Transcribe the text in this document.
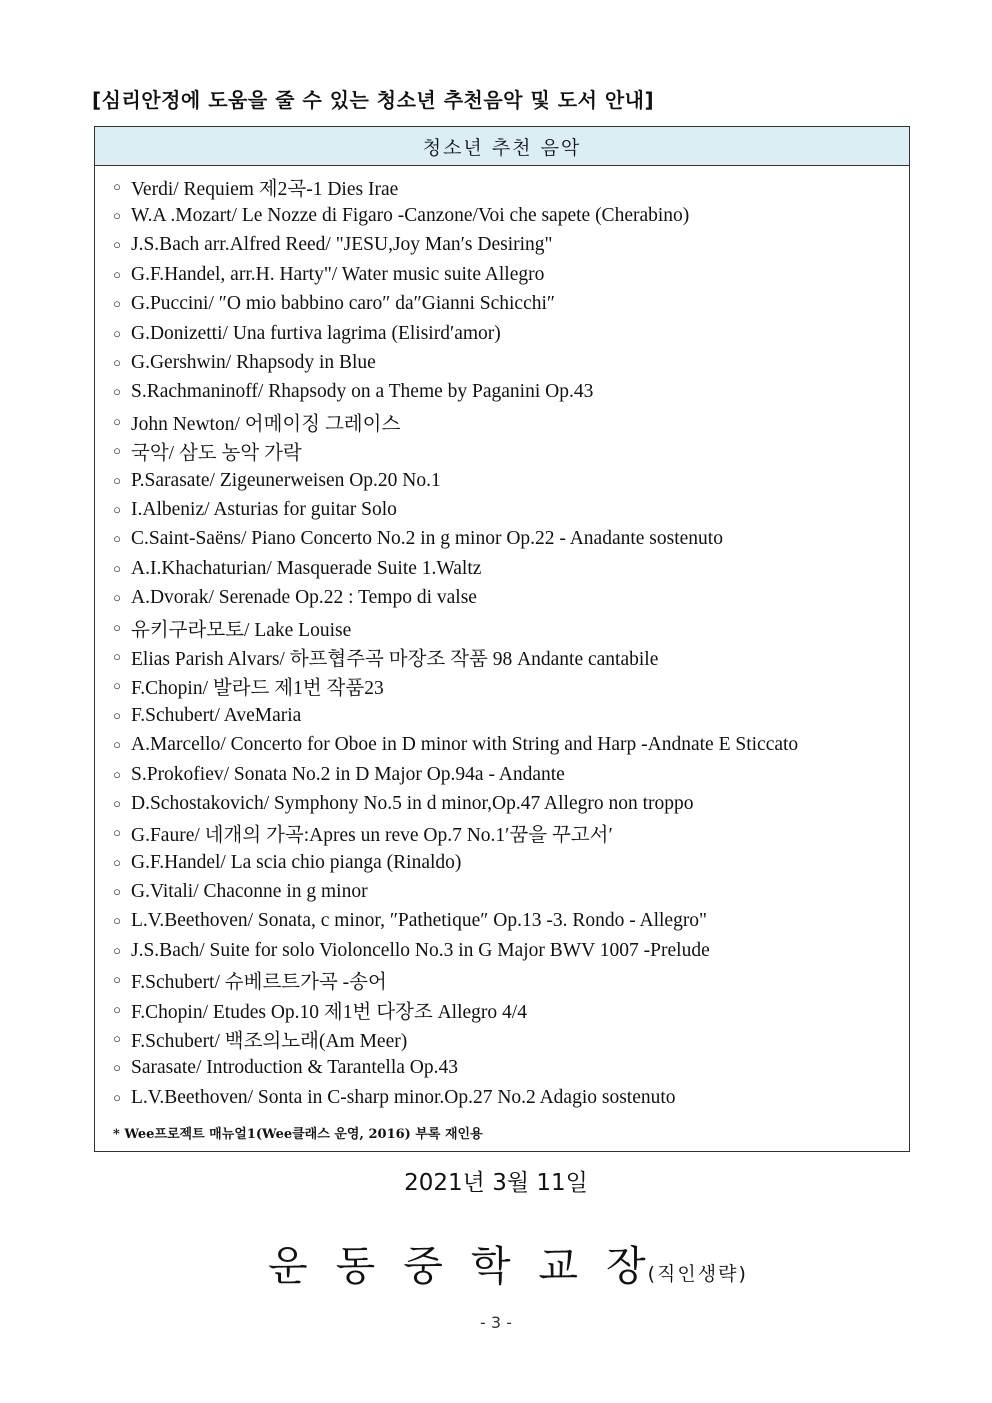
[심리안정에 도움을 줄 수 있는 청소년 추천음악 및 도서 안내]
청소년 추천 음악
○ Verdi/ Requiem 제2곡-1 Dies Irae
○ W.A .Mozart/ Le Nozze di Figaro -Canzone/Voi che sapete (Cherabino)
○ J.S.Bach arr.Alfred Reed/ "JESU,Joy Man′s Desiring"
○ G.F.Handel, arr.H. Harty"/ Water music suite Allegro
○ G.Puccini/ ″O mio babbino caro″ da″Gianni Schicchi″
○ G.Donizetti/ Una furtiva lagrima (Elisird′amor)
○ G.Gershwin/ Rhapsody in Blue
○ S.Rachmaninoff/ Rhapsody on a Theme by Paganini Op.43
○ John Newton/ 어메이징 그레이스
○ 국악/ 삼도 농악 가락
○ P.Sarasate/ Zigeunerweisen Op.20 No.1
○ I.Albeniz/ Asturias for guitar Solo
○ C.Saint-Saëns/ Piano Concerto No.2 in g minor Op.22 - Anadante sostenuto
○ A.I.Khachaturian/ Masquerade Suite 1.Waltz
○ A.Dvorak/ Serenade Op.22 : Tempo di valse
○ 유키구라모토/ Lake Louise
○ Elias Parish Alvars/ 하프협주곡 마장조 작품 98 Andante cantabile
○ F.Chopin/ 발라드 제1번 작품23
○ F.Schubert/ AveMaria
○ A.Marcello/ Concerto for Oboe in D minor with String and Harp -Andnate E Sticcato
○ S.Prokofiev/ Sonata No.2 in D Major Op.94a - Andante
○ D.Schostakovich/ Symphony No.5 in d minor,Op.47 Allegro non troppo
○ G.Faure/ 네개의 가곡:Apres un reve Op.7 No.1′꿈을 꾸고서′
○ G.F.Handel/ La scia chio pianga (Rinaldo)
○ G.Vitali/ Chaconne in g minor
○ L.V.Beethoven/ Sonata, c minor, ″Pathetique″ Op.13 -3. Rondo - Allegro"
○ J.S.Bach/ Suite for solo Violoncello No.3 in G Major BWV 1007 -Prelude
○ F.Schubert/ 슈베르트가곡 -송어
○ F.Chopin/ Etudes Op.10 제1번 다장조 Allegro 4/4
○ F.Schubert/ 백조의노래(Am Meer)
○ Sarasate/ Introduction & Tarantella Op.43
○ L.V.Beethoven/ Sonta in C-sharp minor.Op.27 No.2 Adagio sostenuto
* Wee프로젝트 매뉴얼1(Wee클래스 운영, 2016) 부록 재인용
2021년 3월 11일
운동중학교장(직인생략)
- 3 -
